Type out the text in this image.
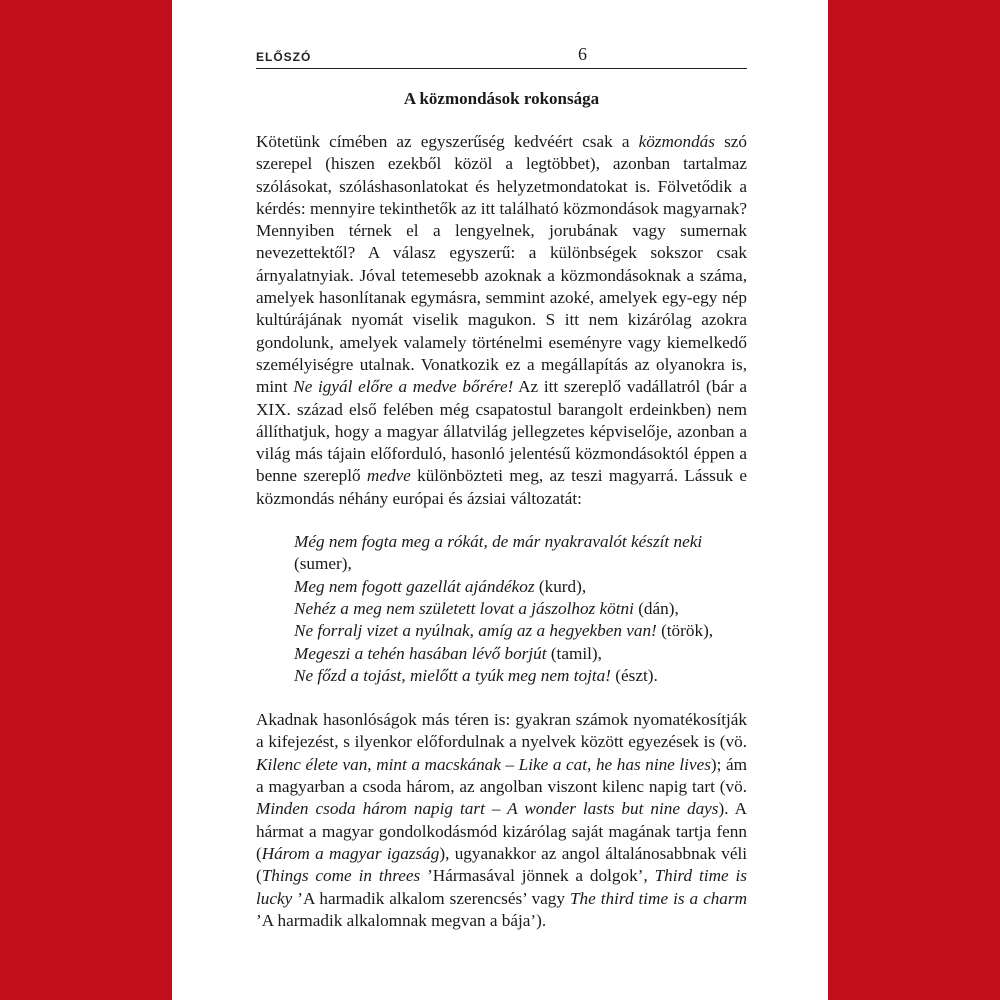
ELŐSZÓ	6
A közmondások rokonsága

Kötetünk címében az egyszerűség kedvéért csak a közmondás szó szerepel (hiszen ezekből közöl a legtöbbet), azonban tartalmaz szólásokat, szóláshasonlatokat és helyzetmondatokat is. Fölvetődik a kérdés: mennyire tekinthetők az itt található közmondások magyarnak? Mennyiben térnek el a lengyelnek, jorubának vagy sumernak nevezettektől? A válasz egyszerű: a különbségek sokszor csak árnyalatnyiak. Jóval tetemesebb azoknak a közmondásoknak a száma, amelyek hasonlítanak egymásra, semmint azoké, amelyek egy-egy nép kultúrájának nyomát viselik magukon. S itt nem kizárólag azokra gondolunk, amelyek valamely történelmi eseményre vagy kiemelkedő személyiségre utalnak. Vonatkozik ez a megállapítás az olyanokra is, mint Ne igyál előre a medve bőrére! Az itt szereplő vadállatról (bár a XIX. század első felében még csapatostul barangolt erdeinkben) nem állíthatjuk, hogy a magyar állatvilág jellegzetes képviselője, azonban a világ más tájain előforduló, hasonló jelentésű közmondásoktól éppen a benne szereplő medve különbözteti meg, az teszi magyarrá. Lássuk e közmondás néhány európai és ázsiai változatát:

Még nem fogta meg a rókát, de már nyakravalót készít neki (sumer),
Meg nem fogott gazellát ajándékoz (kurd),
Nehéz a meg nem született lovat a jászolhoz kötni (dán),
Ne forralj vizet a nyúlnak, amíg az a hegyekben van! (török),
Megeszi a tehén hasában lévő borjút (tamil),
Ne főzd a tojást, mielőtt a tyúk meg nem tojta! (észt).

Akadnak hasonlóságok más téren is: gyakran számok nyomatékosítják a kifejezést, s ilyenkor előfordulnak a nyelvek között egyezések is (vö. Kilenc élete van, mint a macskának – Like a cat, he has nine lives); ám a magyarban a csoda három, az angolban viszont kilenc napig tart (vö. Minden csoda három napig tart – A wonder lasts but nine days). A hármat a magyar gondolkodásmód kizárólag saját magának tartja fenn (Három a magyar igazság), ugyanakkor az angol általánosabbnak véli (Things come in threes ’Hármasával jönnek a dolgok’, Third time is lucky ’A harmadik alkalom szerencsés’ vagy The third time is a charm ’A harmadik alkalomnak megvan a bája’).
